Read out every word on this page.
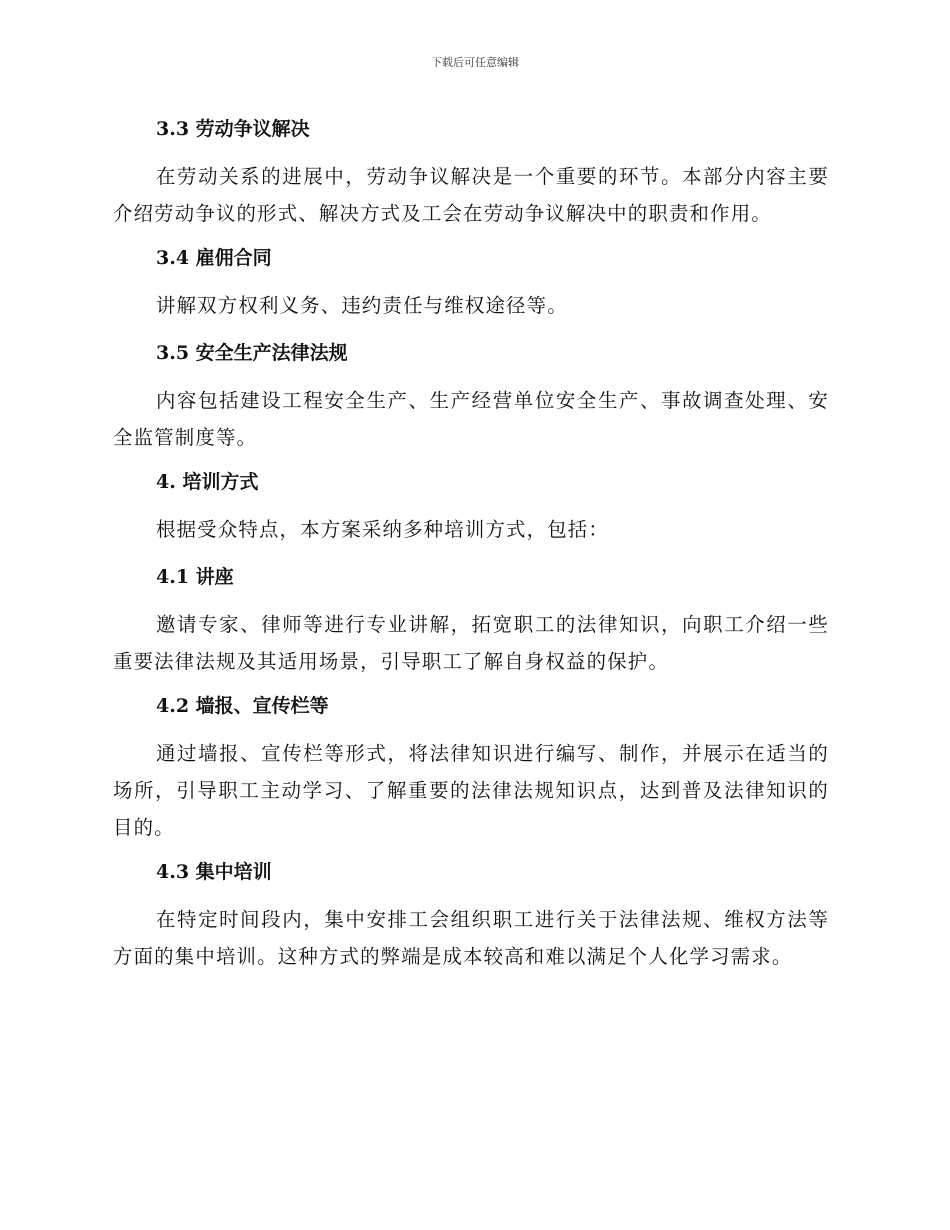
下载后可任意编辑
3.3 劳动争议解决

在劳动关系的进展中，劳动争议解决是一个重要的环节。本部分内容主要介绍劳动争议的形式、解决方式及工会在劳动争议解决中的职责和作用。

3.4 雇佣合同

讲解双方权利义务、违约责任与维权途径等。

3.5 安全生产法律法规

内容包括建设工程安全生产、生产经营单位安全生产、事故调查处理、安全监管制度等。

4. 培训方式

根据受众特点，本方案采纳多种培训方式，包括：

4.1 讲座

邀请专家、律师等进行专业讲解，拓宽职工的法律知识，向职工介绍一些重要法律法规及其适用场景，引导职工了解自身权益的保护。

4.2 墙报、宣传栏等

通过墙报、宣传栏等形式，将法律知识进行编写、制作，并展示在适当的场所，引导职工主动学习、了解重要的法律法规知识点，达到普及法律知识的目的。

4.3 集中培训

在特定时间段内，集中安排工会组织职工进行关于法律法规、维权方法等方面的集中培训。这种方式的弊端是成本较高和难以满足个人化学习需求。
